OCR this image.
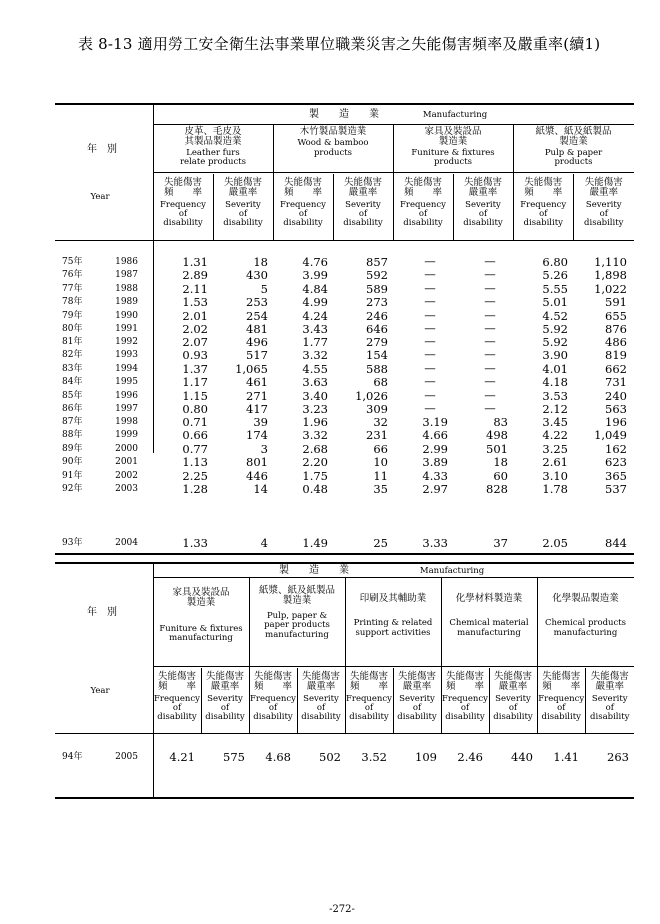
表 8-13 適用勞工安全衛生法事業單位職業災害之失能傷害頻率及嚴重率(續1)
製　　造　　業	Manufacturing
皮革、毛皮及
其製品製造業
Leather furs
relate products
木竹製品製造業
Wood & bamboo
products
家具及裝設品
製造業
Funiture & fixtures
products
紙漿、紙及紙製品
製造業
Pulp & paper
products
失能傷害
頻　　率
Frequency
of
disability
失能傷害
嚴重率
Severity
of
disability
失能傷害
頻　　率
Frequency
of
disability
失能傷害
嚴重率
Severity
of
disability
失能傷害
頻　　率
Frequency
of
disability
失能傷害
嚴重率
Severity
of
disability
失能傷害
頻　　率
Frequency
of
disability
失能傷害
嚴重率
Severity
of
disability
年　別
Year
75年	1986	1.31	18	4.76	857	—	—	6.80 1,110
76年	1987	2.89	430	3.99	592	—	—	5.26 1,898
77年	1988	2.11	5	4.84	589	—	—	5.55 1,022
78年	1989	1.53	253	4.99	273	—	—	5.01	591
79年	1990	2.01	254	4.24	246	—	—	4.52	655
80年	1991	2.02	481	3.43	646	—	—	5.92	876
81年	1992	2.07	496	1.77	279	—	—	5.92	486
82年	1993	0.93	517	3.32	154	—	—	3.90	819
83年	1994	1.37 1,065	4.55	588	—	—	4.01	662
84年	1995	1.17	461	3.63	68	—	—	4.18	731
85年	1996	1.15	271	3.40 1,026	—	—	3.53	240
86年	1997	0.80	417	3.23	309	—	—	2.12	563
87年	1998	0.71	39	1.96	32	3.19	83	3.45	196
88年	1999	0.66	174	3.32	231	4.66	498	4.22 1,049
89年	2000	0.77	3	2.68	66	2.99	501	3.25	162
90年	2001	1.13	801	2.20	10	3.89	18	2.61	623
91年	2002	2.25	446	1.75	11	4.33	60	3.10	365
92年	2003	1.28	14	0.48	35	2.97	828	1.78	537
93年	2004	1.33	4	1.49	25	3.33	37	2.05	844
製　　造　　業	Manufacturing
家具及裝設品
製造業
Funiture & fixtures
manufacturing
紙漿、紙及紙製品
製造業
Pulp, paper &
paper products
manufacturing
印刷及其輔助業
Printing & related
support activities
化學材料製造業
Chemical material
manufacturing
化學製品製造業
Chemical products
manufacturing
失能傷害
頻　　率
Frequency
of
disability
失能傷害
嚴重率
Severity
of
disability
失能傷害
頻　　率
Frequency
of
disability
失能傷害
嚴重率
Severity
of
disability
失能傷害
頻　　率
Frequency
of
disability
失能傷害
嚴重率
Severity
of
disability
失能傷害
頻　　率
Frequency
of
disability
失能傷害
嚴重率
Severity
of
disability
失能傷害
頻　　率
Frequency
of
disability
失能傷害
嚴重率
Severity
of
disability
年　別
Year
94年	2005	4.21 575 4.68 502 3.52 109 2.46 440 1.41 263
-272-
